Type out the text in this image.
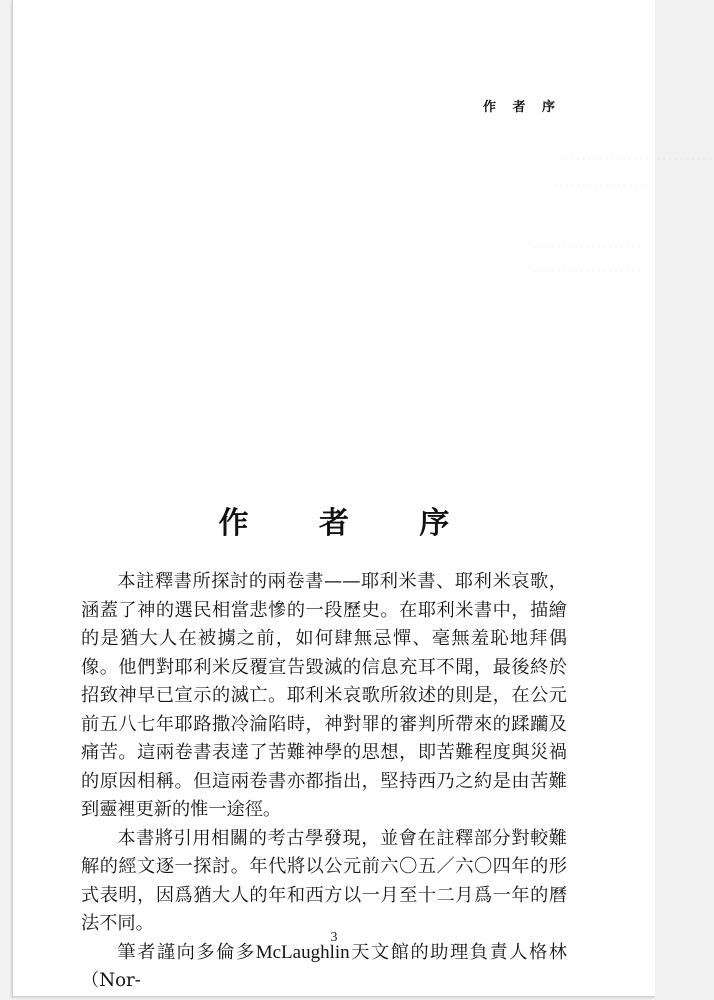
作 者 序
···························
··················
···················
···················
作 者 序

本註釋書所探討的兩卷書——耶利米書、耶利米哀歌，涵蓋了神的選民相當悲慘的一段歷史。在耶利米書中，描繪的是猶大人在被擄之前，如何肆無忌憚、毫無羞恥地拜偶像。他們對耶利米反覆宣告毀滅的信息充耳不聞，最後終於招致神早已宣示的滅亡。耶利米哀歌所敘述的則是，在公元前五八七年耶路撒冷淪陷時，神對罪的審判所帶來的蹂躪及痛苦。這兩卷書表達了苦難神學的思想，即苦難程度與災禍的原因相稱。但這兩卷書亦都指出，堅持西乃之約是由苦難到靈裡更新的惟一途徑。

本書將引用相關的考古學發現，並會在註釋部分對較難解的經文逐一探討。年代將以公元前六〇五／六〇四年的形式表明，因爲猶大人的年和西方以一月至十二月爲一年的曆法不同。

筆者謹向多倫多McLaughlin天文館的助理負責人格林（Nor-

3
